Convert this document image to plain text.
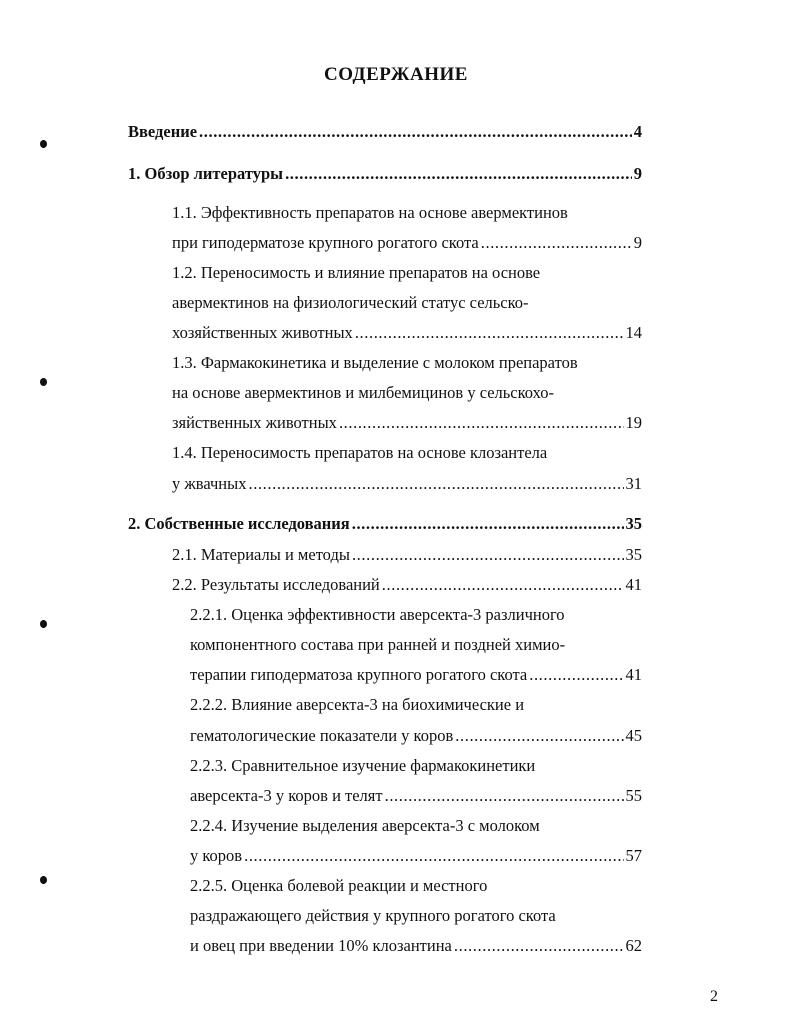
СОДЕРЖАНИЕ
Введение .....	4
1. Обзор литературы .....	9
1.1. Эффективность препаратов на основе авермектинов
при гиподерматозе крупного рогатого скота .....	9
1.2. Переносимость и влияние препаратов на основе
авермектинов на физиологический статус сельско-
хозяйственных животных .....	14
1.3. Фармакокинетика и выделение с молоком препаратов
на основе авермектинов и милбемицинов у сельскохо-
зяйственных животных .....	19
1.4. Переносимость препаратов на основе клозантела
у жвачных .....	31
2. Собственные исследования .....	35
2.1. Материалы и методы .....	35
2.2. Результаты исследований .....	41
2.2.1. Оценка эффективности аверсекта-3 различного
компонентного состава при ранней и поздней химио-
терапии гиподерматоза крупного рогатого скота .....	41
2.2.2. Влияние аверсекта-3 на биохимические и
гематологические показатели у коров .....	45
2.2.3. Сравнительное изучение фармакокинетики
аверсекта-3 у коров и телят .....	55
2.2.4. Изучение выделения аверсекта-3 с молоком
у коров .....	57
2.2.5. Оценка болевой реакции и местного
раздражающего действия у крупного рогатого скота
и овец при введении 10% клозантина .....	62
2
